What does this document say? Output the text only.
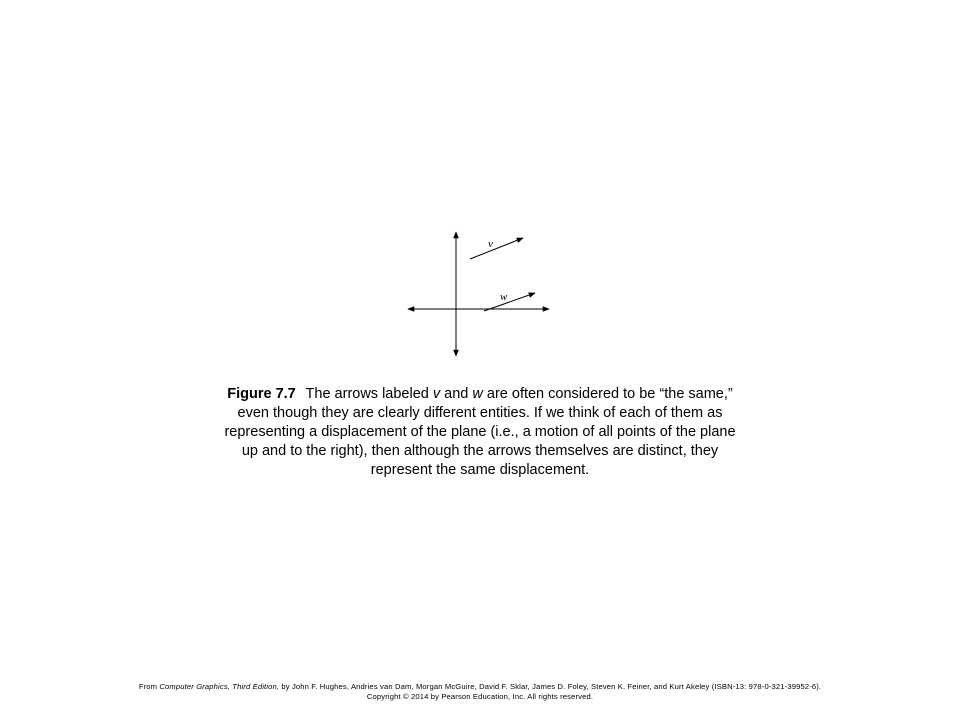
v
w
Figure 7.7 The arrows labeled v and w are often considered to be “the same,” even though they are clearly different entities. If we think of each of them as representing a displacement of the plane (i.e., a motion of all points of the plane up and to the right), then although the arrows themselves are distinct, they represent the same displacement.
From Computer Graphics, Third Edition, by John F. Hughes, Andries van Dam, Morgan McGuire, David F. Sklar, James D. Foley, Steven K. Feiner, and Kurt Akeley (ISBN-13: 978-0-321-39952-6).
Copyright © 2014 by Pearson Education, Inc. All rights reserved.
